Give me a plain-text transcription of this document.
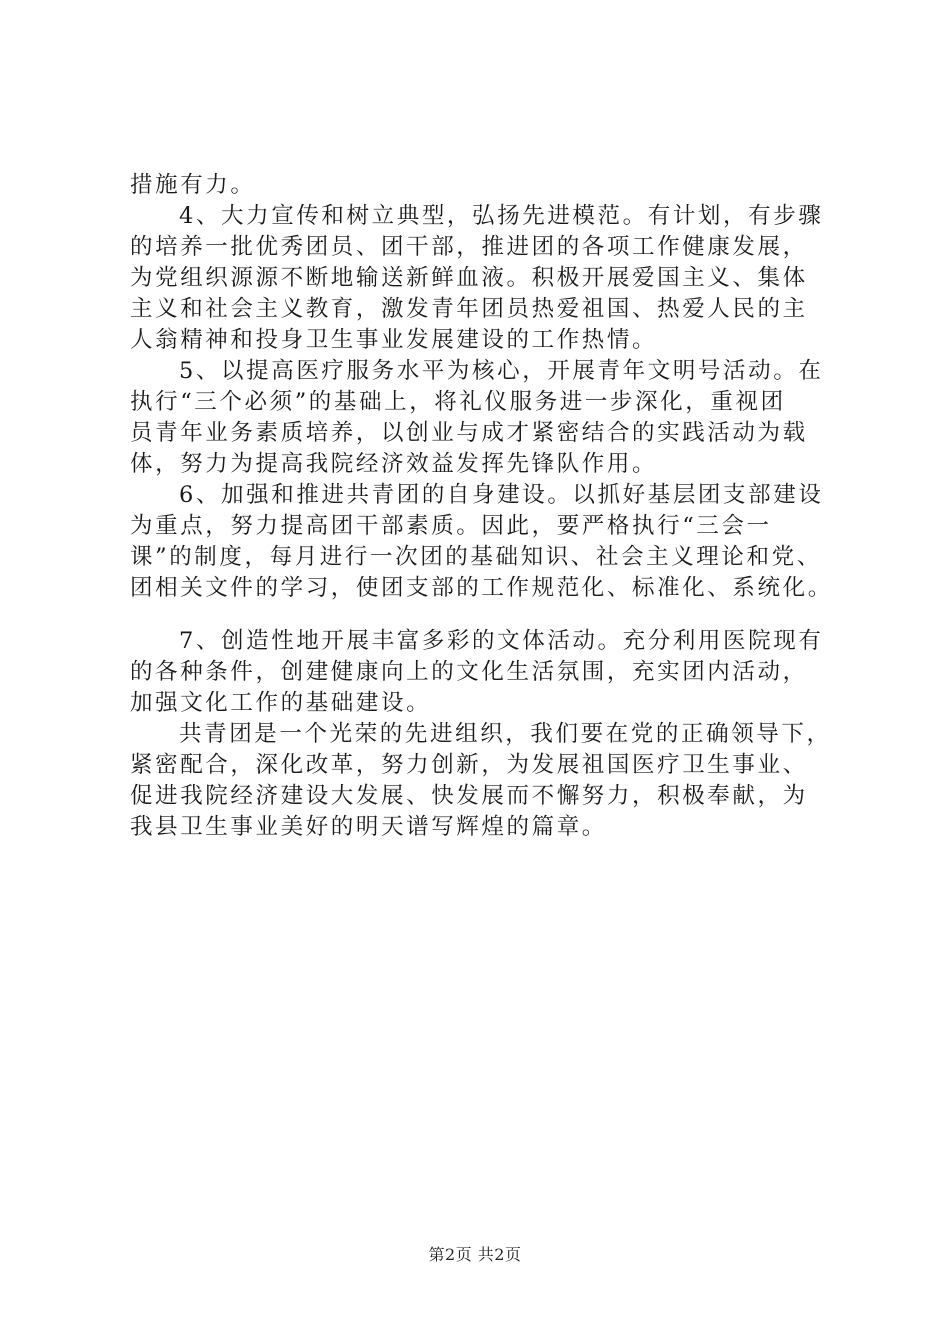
措施有力。
4、大力宣传和树立典型，弘扬先进模范。有计划，有步骤
的培养一批优秀团员、团干部，推进团的各项工作健康发展，
为党组织源源不断地输送新鲜血液。积极开展爱国主义、集体
主义和社会主义教育，激发青年团员热爱祖国、热爱人民的主
人翁精神和投身卫生事业发展建设的工作热情。
5、以提高医疗服务水平为核心，开展青年文明号活动。在
执行“三个必须”的基础上，将礼仪服务进一步深化，重视团
员青年业务素质培养，以创业与成才紧密结合的实践活动为载
体，努力为提高我院经济效益发挥先锋队作用。
6、加强和推进共青团的自身建设。以抓好基层团支部建设
为重点，努力提高团干部素质。因此，要严格执行“三会一
课”的制度，每月进行一次团的基础知识、社会主义理论和党、
团相关文件的学习，使团支部的工作规范化、标准化、系统化。
7、创造性地开展丰富多彩的文体活动。充分利用医院现有
的各种条件，创建健康向上的文化生活氛围，充实团内活动，
加强文化工作的基础建设。
共青团是一个光荣的先进组织，我们要在党的正确领导下，
紧密配合，深化改革，努力创新，为发展祖国医疗卫生事业、
促进我院经济建设大发展、快发展而不懈努力，积极奉献，为
我县卫生事业美好的明天谱写辉煌的篇章。
第2页 共2页
